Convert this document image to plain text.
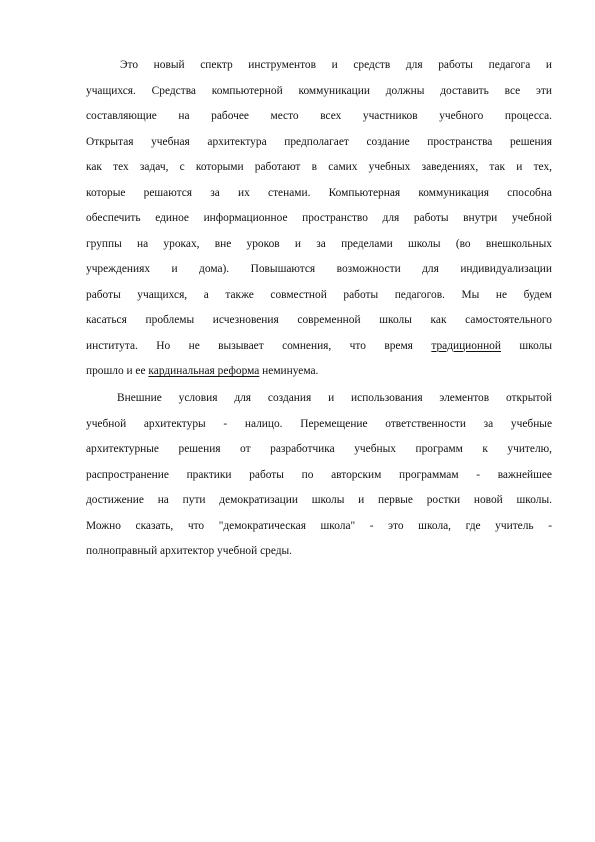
Это новый спектр инструментов и средств для работы педагога и
учащихся. Средства компьютерной коммуникации должны доставить все эти
составляющие на рабочее место всех участников учебного процесса.
Открытая учебная архитектура предполагает создание пространства решения
как тех задач, с которыми работают в самих учебных заведениях, так и тех,
которые решаются за их стенами. Компьютерная коммуникация способна
обеспечить единое информационное пространство для работы внутри учебной
группы на уроках, вне уроков и за пределами школы (во внешкольных
учреждениях и дома). Повышаются возможности для индивидуализации
работы учащихся, а также совместной работы педагогов. Мы не будем
касаться проблемы исчезновения современной школы как самостоятельного
института. Но не вызывает сомнения, что время традиционной школы
прошло и ее кардинальная реформа неминуема.
Внешние условия для создания и использования элементов открытой
учебной архитектуры - налицо. Перемещение ответственности за учебные
архитектурные решения от разработчика учебных программ к учителю,
распространение практики работы по авторским программам - важнейшее
достижение на пути демократизации школы и первые ростки новой школы.
Можно сказать, что "демократическая школа" - это школа, где учитель -
полноправный архитектор учебной среды.
